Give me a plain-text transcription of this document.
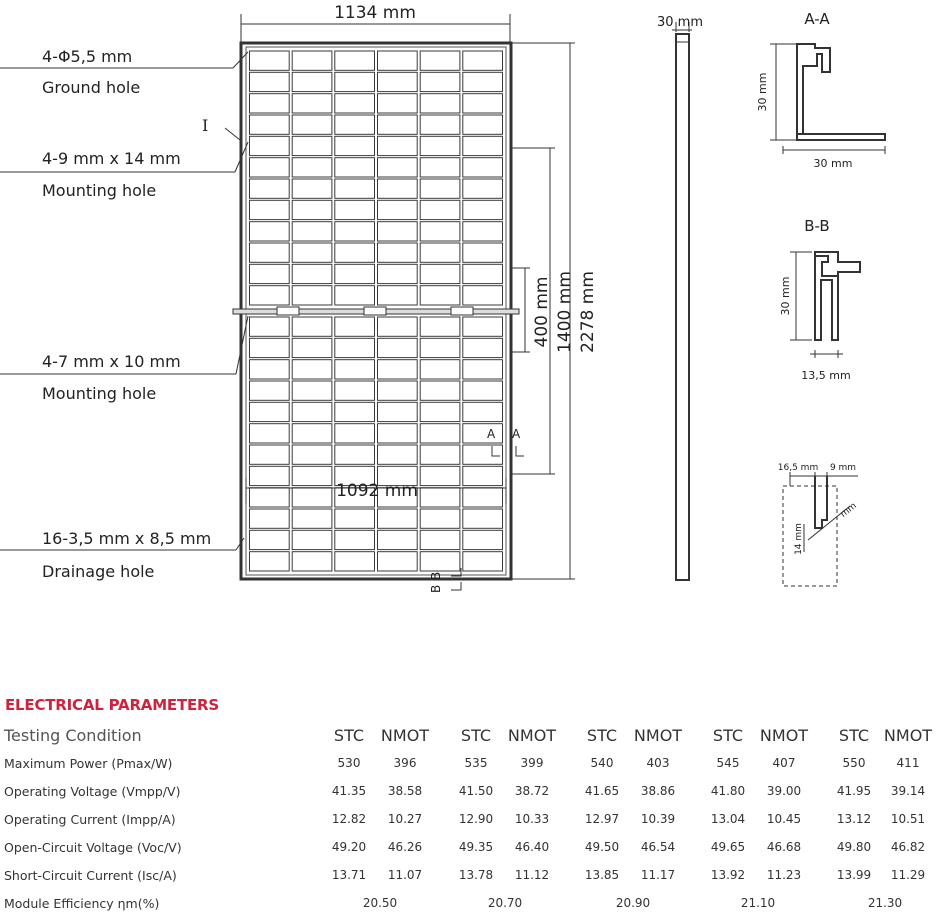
1134 mm
1092 mm
400 mm 1400 mm 2278 mm
4-Φ5,5 mm
Ground hole
I
4-9 mm x 14 mm
Mounting hole
4-7 mm x 10 mm
Mounting hole
16-3,5 mm x 8,5 mm
Drainage hole
A A
B
B
30 mm	A-A
30 mm
30 mm
B-B
30 mm
13,5 mm
16,5 mm 9 mm
14 mm
mm
ELECTRICAL PARAMETERS
Testing Condition	STC	NMOT	STC	NMOT	STC	NMOT	STC	NMOT	STC NMOT
Maximum Power (Pmax/W)	530	396	535	399	540	403	545	407	550	411
Operating Voltage (Vmpp/V)	41.35	38.58	41.50	38.72	41.65	38.86	41.80	39.00	41.95	39.14
Operating Current (Impp/A)	12.82	10.27	12.90	10.33	12.97	10.39	13.04	10.45	13.12	10.51
Open-Circuit Voltage (Voc/V)	49.20	46.26	49.35	46.40	49.50	46.54	49.65	46.68	49.80	46.82
Short-Circuit Current (Isc/A)	13.71	11.07	13.78	11.12	13.85	11.17	13.92	11.23	13.99	11.29
Module Efficiency ηm(%)	20.50	20.70	20.90	21.10	21.30
